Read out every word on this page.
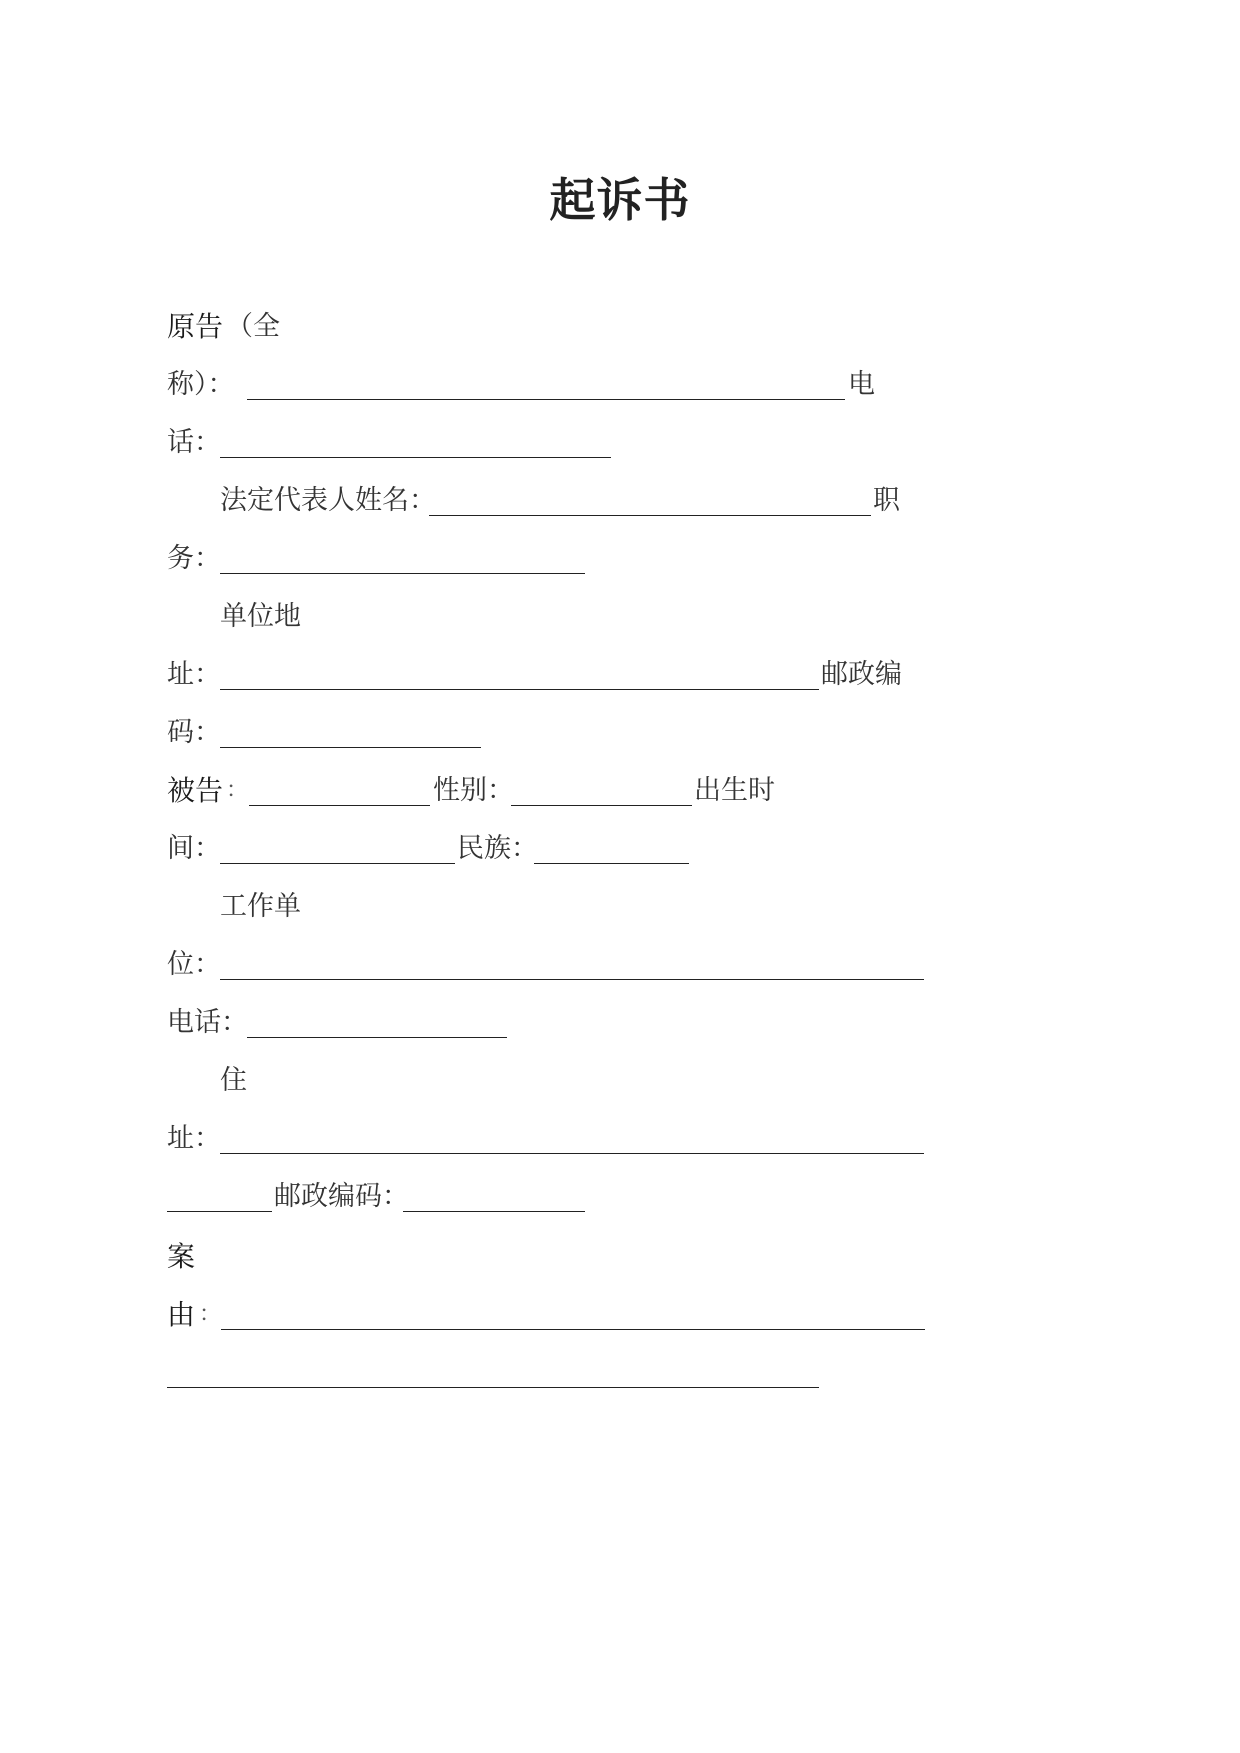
起诉书
原告 （全
称）：	电
话：
法定代表人姓名：	职
务：
单位地
址：	邮政编
码：
被告 ：	性别：	出生时
间：	民族：
工作单
位：
电话：
住
址：
邮政编码：
案
由 ：
